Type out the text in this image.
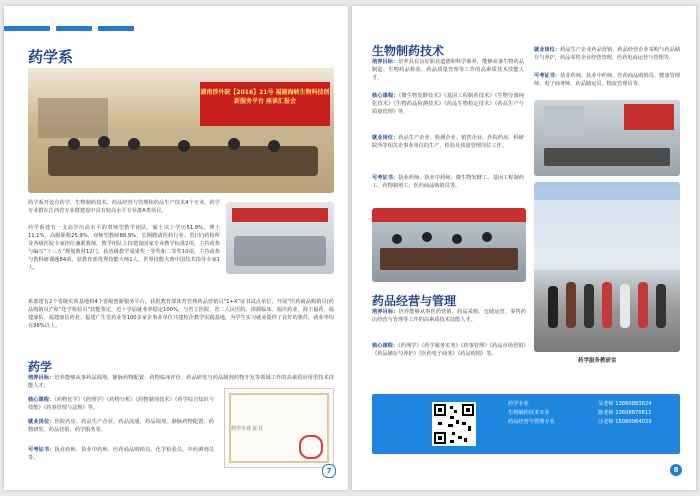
药学系
湖南涉外院【2016】21号 福建海峡生物科技创新服务平台 座谈汇报会

药学系开设有药学、生物制药技术、药品经营与管理和药品生产技术4个专业。药学专业群在江西省专业群建设中具有较高水平专业群A类项目。

药学系建有一支高学历高水平的双师型教学团队，硕士以上学历51.9%，博士11.1%，高级职称25.9%，双师型教师88.9%，长期聘请医药行业、省(市)药检所及各级医院专家担任兼职教师。教学团队主持建设国家专业教学标准2项，主持或参与编写“十三五”规划教材12门，获省级教学成果奖一等奖和二等奖10项，主持或参与教科研课题84项，获教育部优秀技能大师1人，世界技能大赛中国技术指导专家1人。

系部建有2个省级实训基地和4个省级创新服务平台，获批教育部体育管理药品营销员“1+X”证书试点单位，开展“医药商品购销员(药品购销员)”和“化学检验员”技能鉴定，近十学届就业率稳定100%，与省立医院、省二人民医院、漳源临床、福庆药业、海王福药、福建康佑、福建康信药业、福建广生堂药业等100多家企事业单位共建校企教学实践基地，为学生实习就业提供了良好的条件，就业率均在98%以上。

药学

培养目标：培养能够从事药品调剂、静脉药物配置、药物临床评价、药品研发与药品制剂药物开发等领域工作的高素质应用型技术技能人才。

核心课程：《药物化学》《药理学》《药物分析》《药物制剂技术》《药学综合知识与技能》《药事管理与法规》等。

就业岗位：医院药房、药品生产企业、药品流通、药品调剂、静脉药物配置、药物研发、药品营销、药学服务等。

可考证书：执业药师、执业中药师、医药商品购销员、化学检验员、中药调剂员等。

药学专业 证书
7
生物制药技术

培养目标：培养具有良好职业道德和科学素养，能够从事生物药品制造、生物药品检验、药品质量管理等工作的高素质技术技能人才。

核心课程：《微生物发酵技术》《基因工程制药技术》《生物分离纯化技术》《生物药品检测技术》《药品生物检定技术》《药品生产与质量管理》等。

就业岗位：药品生产企业、检测企业、销售企业、医院药房、科研院所等相关企事业单位的生产、检验及质量管理岗位工作。

可考证书：执业药师、执业中药师、微生物发酵工、基因工程制药工、药物制剂工、医药商品购销员等。

药品经营与管理

培养目标：培养能够从事医药营销、药品采购、仓储运营、零售药店经营与管理等工作的高素质技术技能人才。

核心课程：《药理学》《药学服务实务》《药事管理》《药品市场营销》《药品储存与养护》《医药电子商务》《药品购销》等。

就业岗位：药品生产企业药品营销，药品经营企业采购与药品储存与养护，药品零售企业经营管理，医药电商运营与管理等。

可考证书：执业药师、执业中药师、医药商品购销员、健康管理师、电子商务师、药品储运员、物流管理员等。

药学服务教研室
药学专业
生物制药技术专业
药品经营与管理专业
吴老师 13860883624
陈老师 13608870811
汪老师 15060064039
8
